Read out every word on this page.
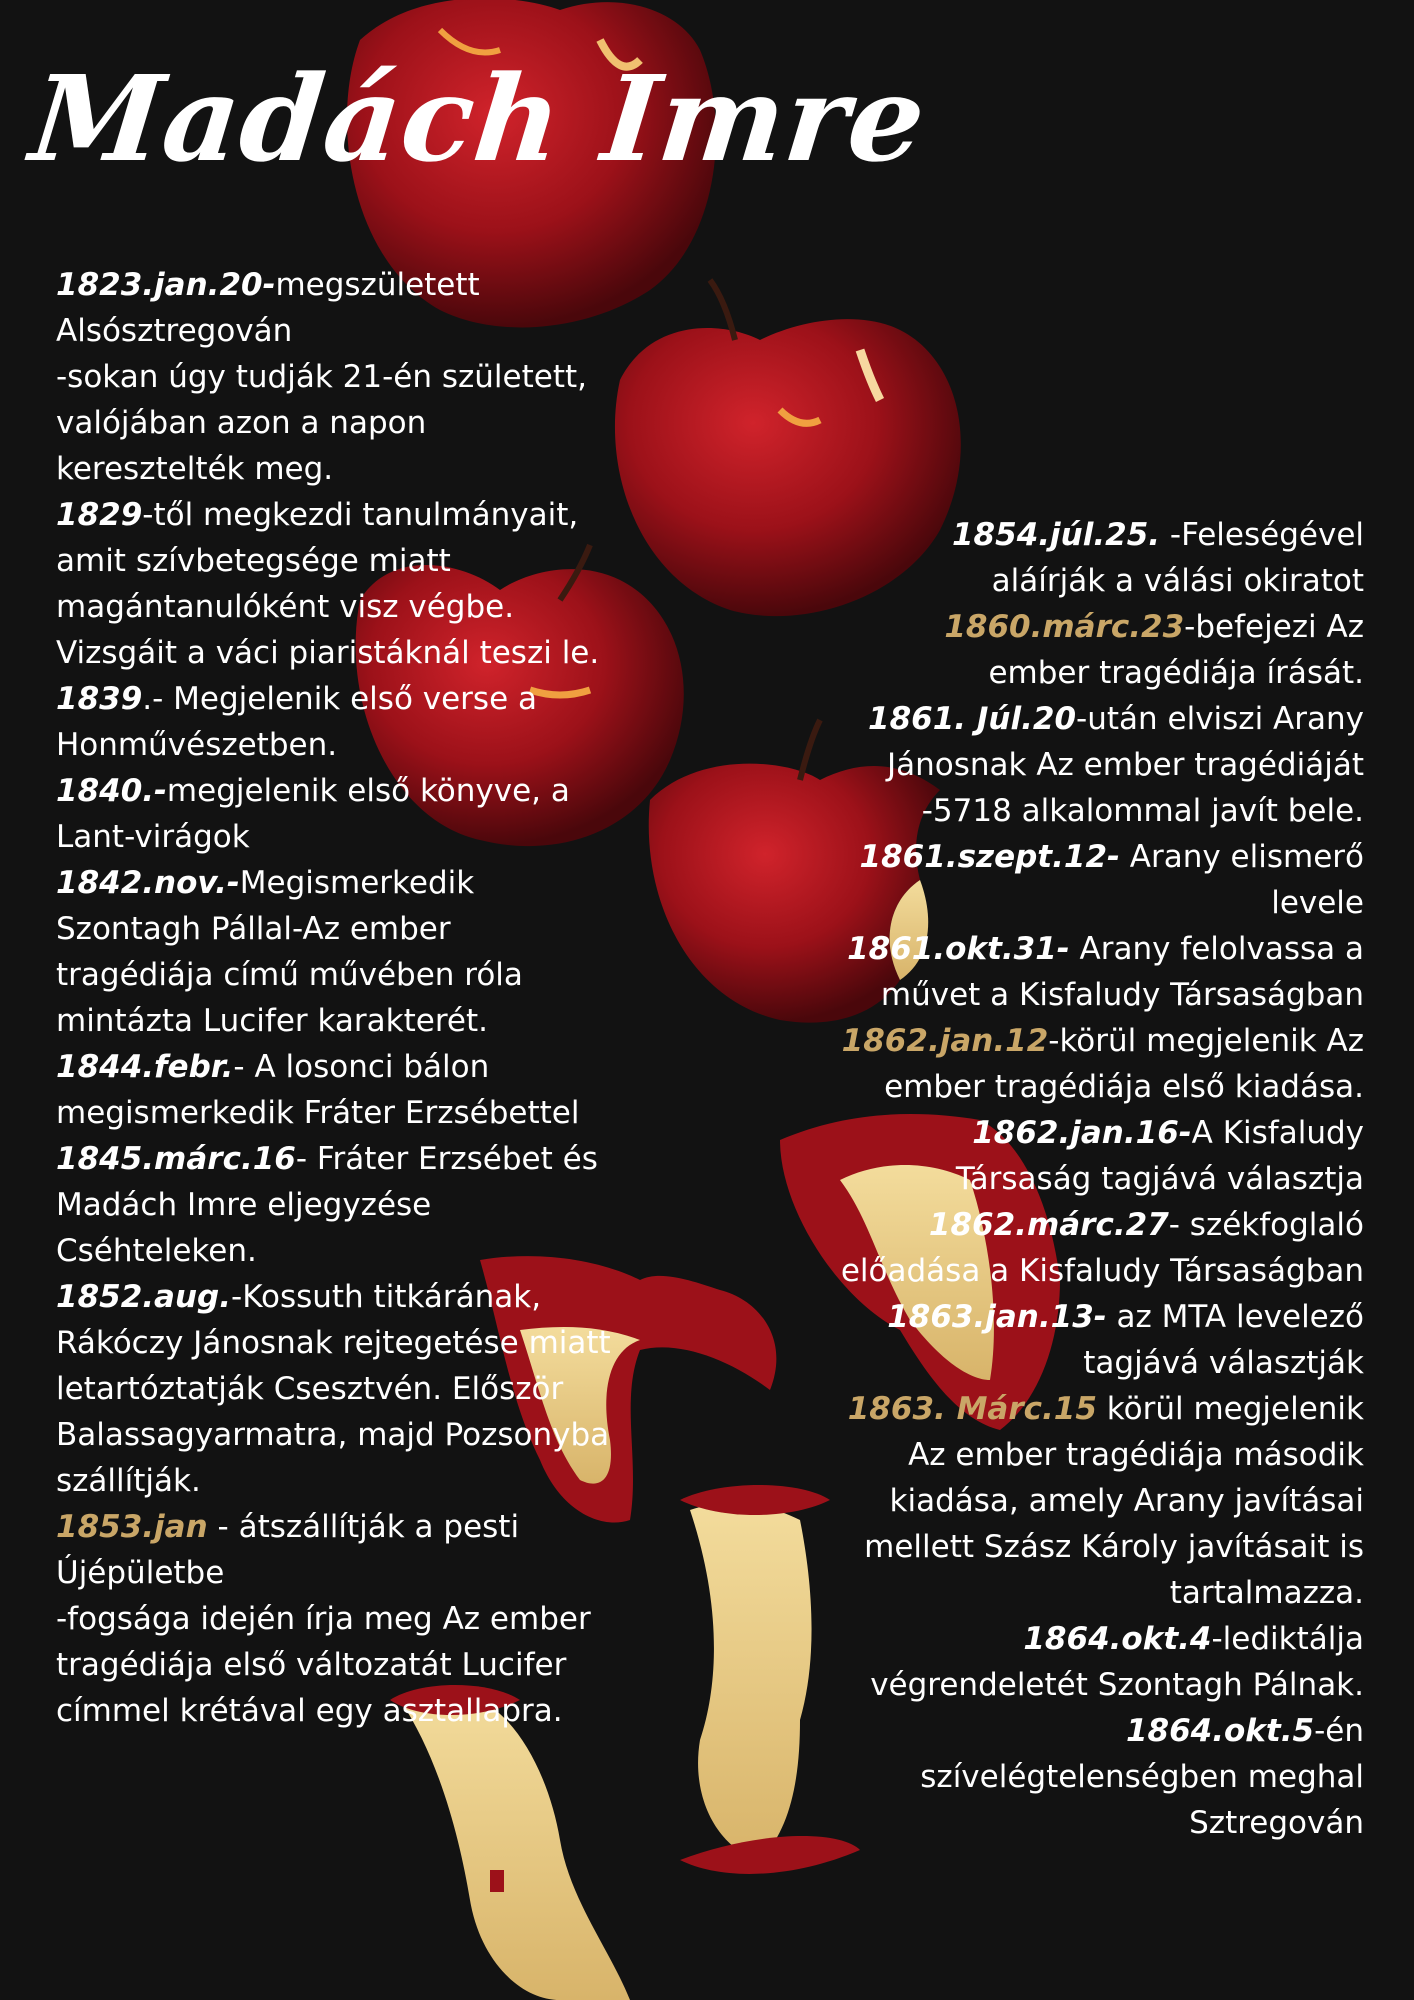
Madách Imre

1823.jan.20-megszületett Alsósztregován

-sokan úgy tudják 21-én született, valójában azon a napon keresztelték meg.

1829-től megkezdi tanulmányait, amit szívbetegsége miatt magántanulóként visz végbe. Vizsgáit a váci piaristáknál teszi le.

1839.- Megjelenik első verse a Honművészetben.

1840.-megjelenik első könyve, a Lant-virágok

1842.nov.-Megismerkedik Szontagh Pállal-Az ember tragédiája című művében róla mintázta Lucifer karakterét.

1844.febr.- A losonci bálon megismerkedik Fráter Erzsébettel

1845.márc.16- Fráter Erzsébet és Madách Imre eljegyzése Cséhteleken.

1852.aug.-Kossuth titkárának, Rákóczy Jánosnak rejtegetése miatt letartóztatják Csesztvén. Először Balassagyarmatra, majd Pozsonyba szállítják.

1853.jan - átszállítják a pesti Újépületbe

-fogsága idején írja meg Az ember tragédiája első változatát Lucifer címmel krétával egy asztallapra.

1854.júl.25. -Feleségével aláírják a válási okiratot

1860.márc.23-befejezi Az ember tragédiája írását.

1861. Júl.20-után elviszi Arany Jánosnak Az ember tragédiáját -5718 alkalommal javít bele.

1861.szept.12- Arany elismerő levele

1861.okt.31- Arany felolvassa a művet a Kisfaludy Társaságban

1862.jan.12-körül megjelenik Az ember tragédiája első kiadása.

1862.jan.16-A Kisfaludy Társaság tagjává választja

1862.márc.27- székfoglaló előadása a Kisfaludy Társaságban

1863.jan.13- az MTA levelező tagjává választják

1863. Márc.15 körül megjelenik Az ember tragédiája második kiadása, amely Arany javításai mellett Szász Károly javításait is tartalmazza.

1864.okt.4-lediktálja végrendeletét Szontagh Pálnak.

1864.okt.5-én szívelégtelenségben meghal Sztregován
